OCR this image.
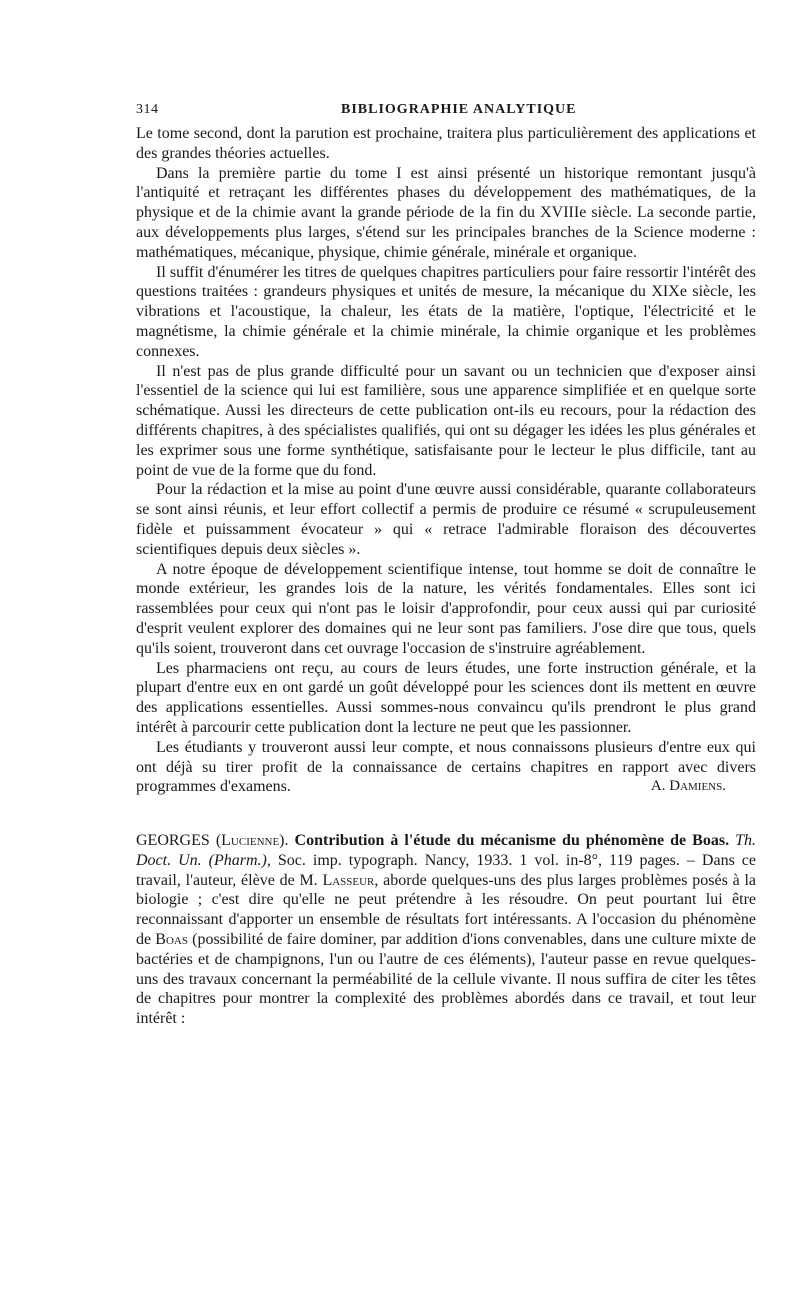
314	BIBLIOGRAPHIE ANALYTIQUE

Le tome second, dont la parution est prochaine, traitera plus particulièrement des applications et des grandes théories actuelles.

Dans la première partie du tome I est ainsi présenté un historique remontant jusqu'à l'antiquité et retraçant les différentes phases du développement des mathématiques, de la physique et de la chimie avant la grande période de la fin du XVIIIe siècle. La seconde partie, aux développements plus larges, s'étend sur les principales branches de la Science moderne : mathématiques, mécanique, physique, chimie générale, minérale et organique.

Il suffit d'énumérer les titres de quelques chapitres particuliers pour faire ressortir l'intérêt des questions traitées : grandeurs physiques et unités de mesure, la mécanique du XIXe siècle, les vibrations et l'acoustique, la chaleur, les états de la matière, l'optique, l'électricité et le magnétisme, la chimie générale et la chimie minérale, la chimie organique et les problèmes connexes.

Il n'est pas de plus grande difficulté pour un savant ou un technicien que d'exposer ainsi l'essentiel de la science qui lui est familière, sous une apparence simplifiée et en quelque sorte schématique. Aussi les directeurs de cette publication ont-ils eu recours, pour la rédaction des différents chapitres, à des spécialistes qualifiés, qui ont su dégager les idées les plus générales et les exprimer sous une forme synthétique, satisfaisante pour le lecteur le plus difficile, tant au point de vue de la forme que du fond.

Pour la rédaction et la mise au point d'une œuvre aussi considérable, quarante collaborateurs se sont ainsi réunis, et leur effort collectif a permis de produire ce résumé « scrupuleusement fidèle et puissamment évocateur » qui « retrace l'admirable floraison des découvertes scientifiques depuis deux siècles ».

A notre époque de développement scientifique intense, tout homme se doit de connaître le monde extérieur, les grandes lois de la nature, les vérités fondamentales. Elles sont ici rassemblées pour ceux qui n'ont pas le loisir d'approfondir, pour ceux aussi qui par curiosité d'esprit veulent explorer des domaines qui ne leur sont pas familiers. J'ose dire que tous, quels qu'ils soient, trouveront dans cet ouvrage l'occasion de s'instruire agréablement.

Les pharmaciens ont reçu, au cours de leurs études, une forte instruction générale, et la plupart d'entre eux en ont gardé un goût développé pour les sciences dont ils mettent en œuvre des applications essentielles. Aussi sommes-nous convaincu qu'ils prendront le plus grand intérêt à parcourir cette publication dont la lecture ne peut que les passionner.

Les étudiants y trouveront aussi leur compte, et nous connaissons plusieurs d'entre eux qui ont déjà su tirer profit de la connaissance de certains chapitres en rapport avec divers programmes d'examens.	A. Damiens.

GEORGES (Lucienne). Contribution à l'étude du mécanisme du phénomène de Boas. Th. Doct. Un. (Pharm.), Soc. imp. typograph. Nancy, 1933. 1 vol. in-8°, 119 pages. – Dans ce travail, l'auteur, élève de M. Lasseur, aborde quelques-uns des plus larges problèmes posés à la biologie ; c'est dire qu'elle ne peut prétendre à les résoudre. On peut pourtant lui être reconnaissant d'apporter un ensemble de résultats fort intéressants. A l'occasion du phénomène de Boas (possibilité de faire dominer, par addition d'ions convenables, dans une culture mixte de bactéries et de champignons, l'un ou l'autre de ces éléments), l'auteur passe en revue quelques-uns des travaux concernant la perméabilité de la cellule vivante. Il nous suffira de citer les têtes de chapitres pour montrer la complexité des problèmes abordés dans ce travail, et tout leur intérêt :
